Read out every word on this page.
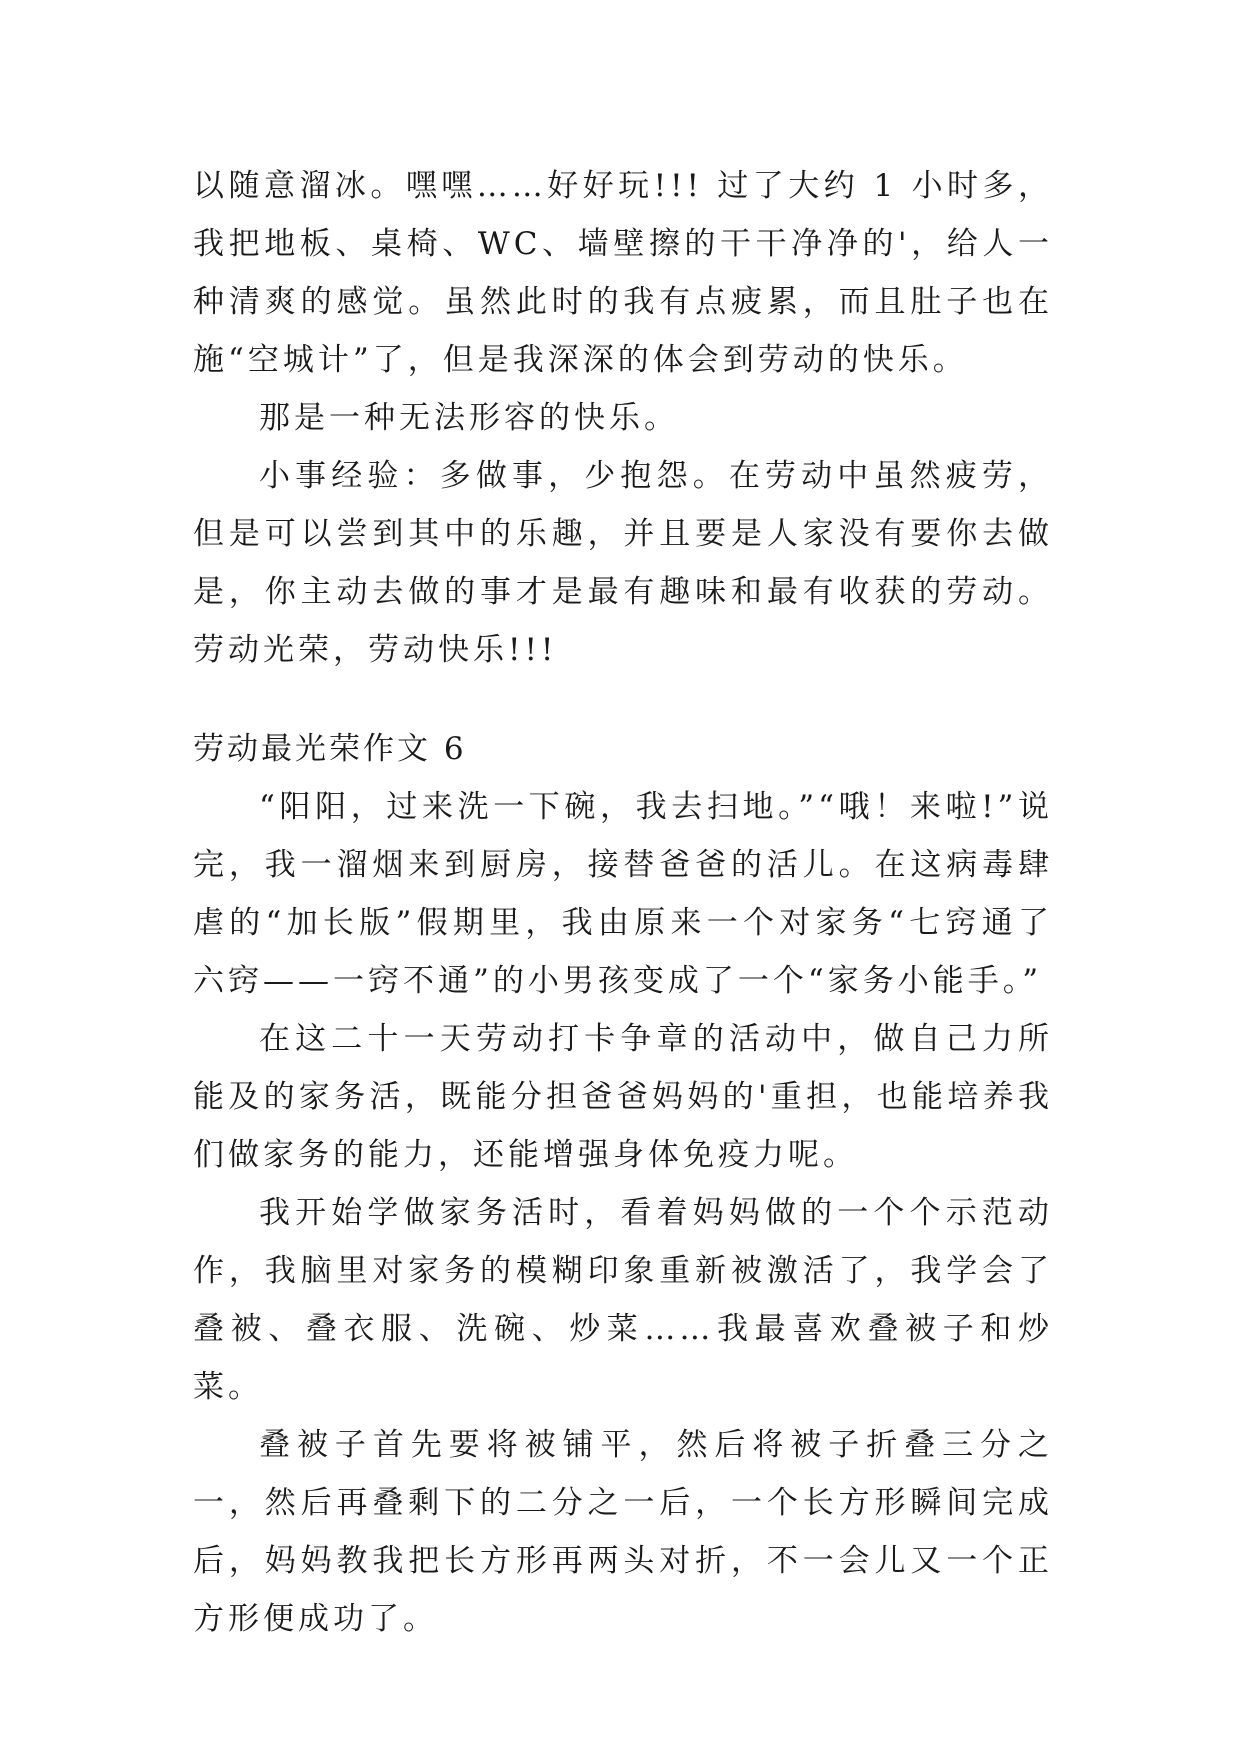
以随意溜冰。嘿嘿……好好玩!!! 过了大约 1 小时多，我把地板、桌椅、WC、墙壁擦的干干净净的'，给人一种清爽的感觉。虽然此时的我有点疲累，而且肚子也在施“空城计”了，但是我深深的体会到劳动的快乐。

那是一种无法形容的快乐。

小事经验：多做事，少抱怨。在劳动中虽然疲劳，但是可以尝到其中的乐趣，并且要是人家没有要你去做是，你主动去做的事才是最有趣味和最有收获的劳动。劳动光荣，劳动快乐!!!

劳动最光荣作文 6

“阳阳，过来洗一下碗，我去扫地。”“哦！来啦!”说完，我一溜烟来到厨房，接替爸爸的活儿。在这病毒肆虐的“加长版”假期里，我由原来一个对家务“七窍通了六窍——一窍不通”的小男孩变成了一个“家务小能手。”

在这二十一天劳动打卡争章的活动中，做自己力所能及的家务活，既能分担爸爸妈妈的'重担，也能培养我们做家务的能力，还能增强身体免疫力呢。

我开始学做家务活时，看着妈妈做的一个个示范动作，我脑里对家务的模糊印象重新被激活了，我学会了叠被、叠衣服、洗碗、炒菜……我最喜欢叠被子和炒菜。

叠被子首先要将被铺平，然后将被子折叠三分之一，然后再叠剩下的二分之一后，一个长方形瞬间完成后，妈妈教我把长方形再两头对折，不一会儿又一个正方形便成功了。
